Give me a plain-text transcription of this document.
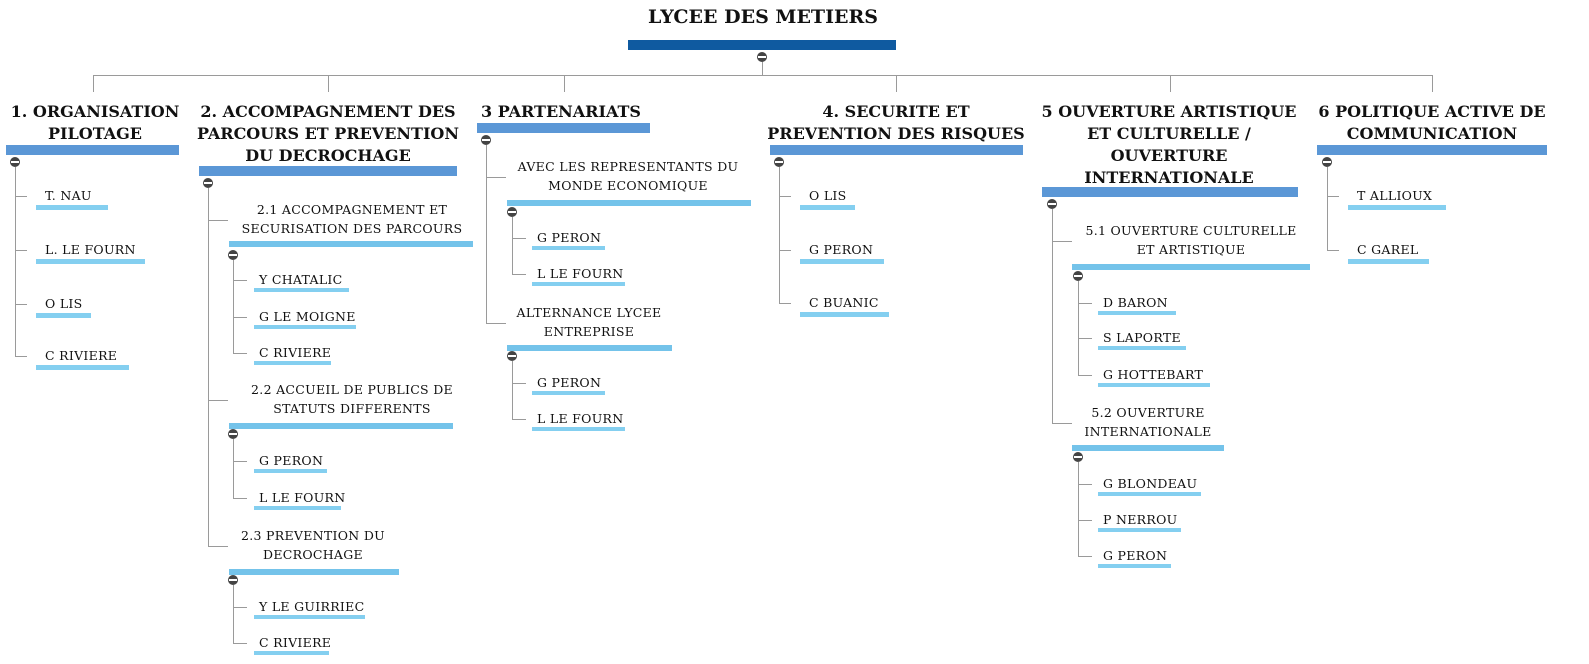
LYCEE DES METIERS
1. ORGANISATION
PILOTAGE
T. NAU
L. LE FOURN
O LIS
C RIVIERE
2. ACCOMPAGNEMENT DES
PARCOURS ET PREVENTION
DU DECROCHAGE
2.1 ACCOMPAGNEMENT ET
SECURISATION DES PARCOURS
Y CHATALIC
G LE MOIGNE
C RIVIERE
2.2 ACCUEIL DE PUBLICS DE
STATUTS DIFFERENTS
G PERON
L LE FOURN
2.3 PREVENTION DU
DECROCHAGE
Y LE GUIRRIEC
C RIVIERE
3 PARTENARIATS
AVEC LES REPRESENTANTS DU
MONDE ECONOMIQUE
G PERON
L LE FOURN
ALTERNANCE LYCEE
ENTREPRISE
G PERON
L LE FOURN
4. SECURITE ET
PREVENTION DES RISQUES
O LIS
G PERON
C BUANIC
5 OUVERTURE ARTISTIQUE
ET CULTURELLE /
OUVERTURE
INTERNATIONALE
5.1 OUVERTURE CULTURELLE
ET ARTISTIQUE
D BARON
S LAPORTE
G HOTTEBART
5.2 OUVERTURE
INTERNATIONALE
G BLONDEAU
P NERROU
G PERON
6 POLITIQUE ACTIVE DE
COMMUNICATION
T ALLIOUX
C GAREL
